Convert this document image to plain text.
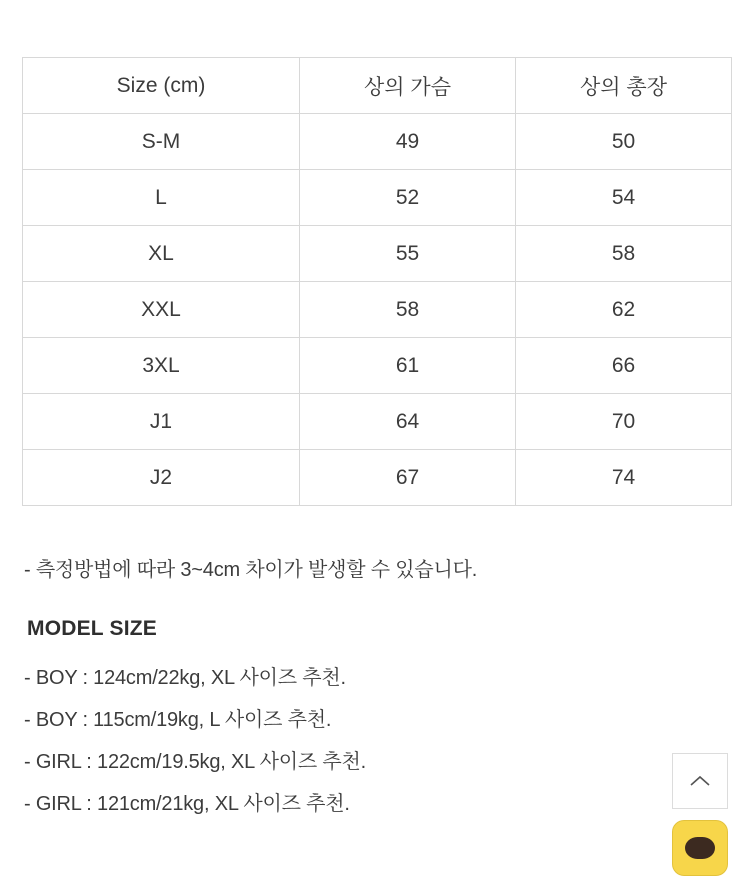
Size (cm)	상의 가슴	상의 총장
S-M	49	50
L	52	54
XL	55	58
XXL	58	62
3XL	61	66
J1	64	70
J2	67	74
- 측정방법에 따라 3~4cm 차이가 발생할 수 있습니다.
MODEL SIZE
- BOY : 124cm/22kg, XL 사이즈 추천.
- BOY : 115cm/19kg, L 사이즈 추천.
- GIRL : 122cm/19.5kg, XL 사이즈 추천.
- GIRL : 121cm/21kg, XL 사이즈 추천.
